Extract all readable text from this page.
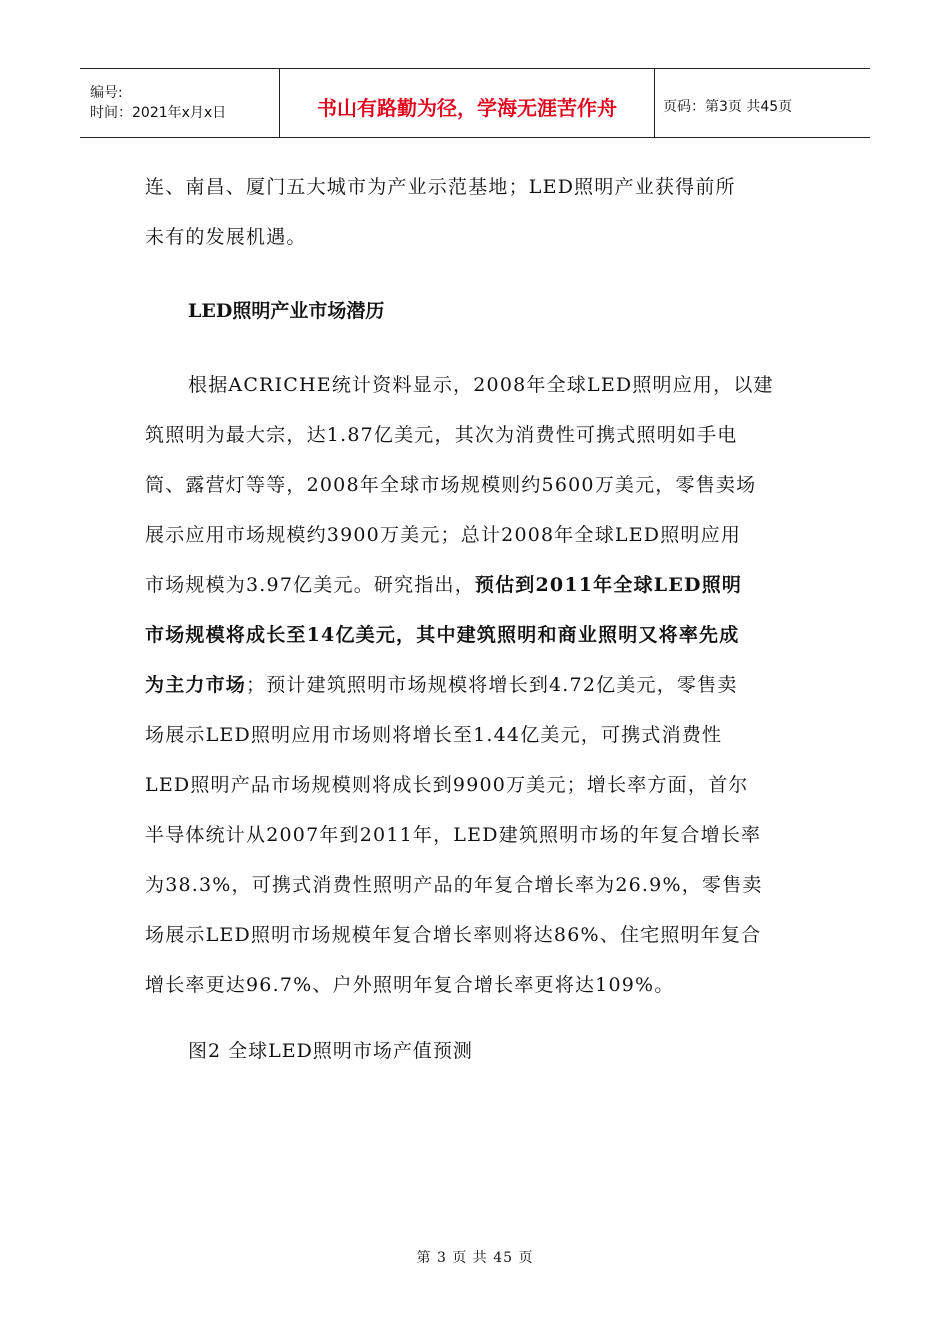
编号:
时间：2021年x月x日	书山有路勤为径，学海无涯苦作舟	页码：第3页 共45页
连、南昌、厦门五大城市为产业示范基地；LED照明产业获得前所
未有的发展机遇。
LED照明产业市场潜历
根据ACRICHE统计资料显示，2008年全球LED照明应用，以建
筑照明为最大宗，达1.87亿美元，其次为消费性可携式照明如手电
筒、露营灯等等，2008年全球市场规模则约5600万美元，零售卖场
展示应用市场规模约3900万美元；总计2008年全球LED照明应用
市场规模为3.97亿美元。研究指出，预估到2011年全球LED照明
市场规模将成长至14亿美元，其中建筑照明和商业照明又将率先成
为主力市场；预计建筑照明市场规模将增长到4.72亿美元，零售卖
场展示LED照明应用市场则将增长至1.44亿美元，可携式消费性
LED照明产品市场规模则将成长到9900万美元；增长率方面，首尔
半导体统计从2007年到2011年，LED建筑照明市场的年复合增长率
为38.3%，可携式消费性照明产品的年复合增长率为26.9%，零售卖
场展示LED照明市场规模年复合增长率则将达86%、住宅照明年复合
增长率更达96.7%、户外照明年复合增长率更将达109%。
图2 全球LED照明市场产值预测
第 3 页 共 45 页
